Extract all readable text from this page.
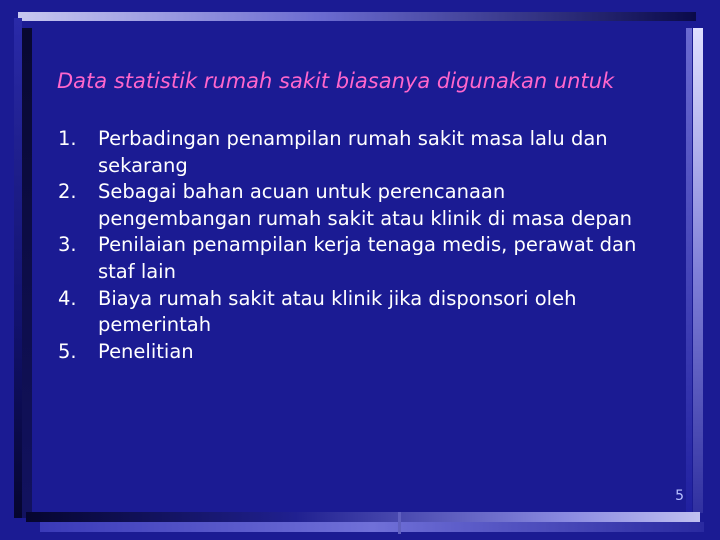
Data statistik rumah sakit biasanya digunakan untuk
1.	Perbadingan penampilan rumah sakit masa lalu dan sekarang
2.	Sebagai bahan acuan untuk perencanaan pengembangan rumah sakit atau klinik di masa depan
3.	Penilaian penampilan kerja tenaga medis, perawat dan staf lain
4.	Biaya rumah sakit atau klinik jika disponsori oleh pemerintah
5.	Penelitian
5
